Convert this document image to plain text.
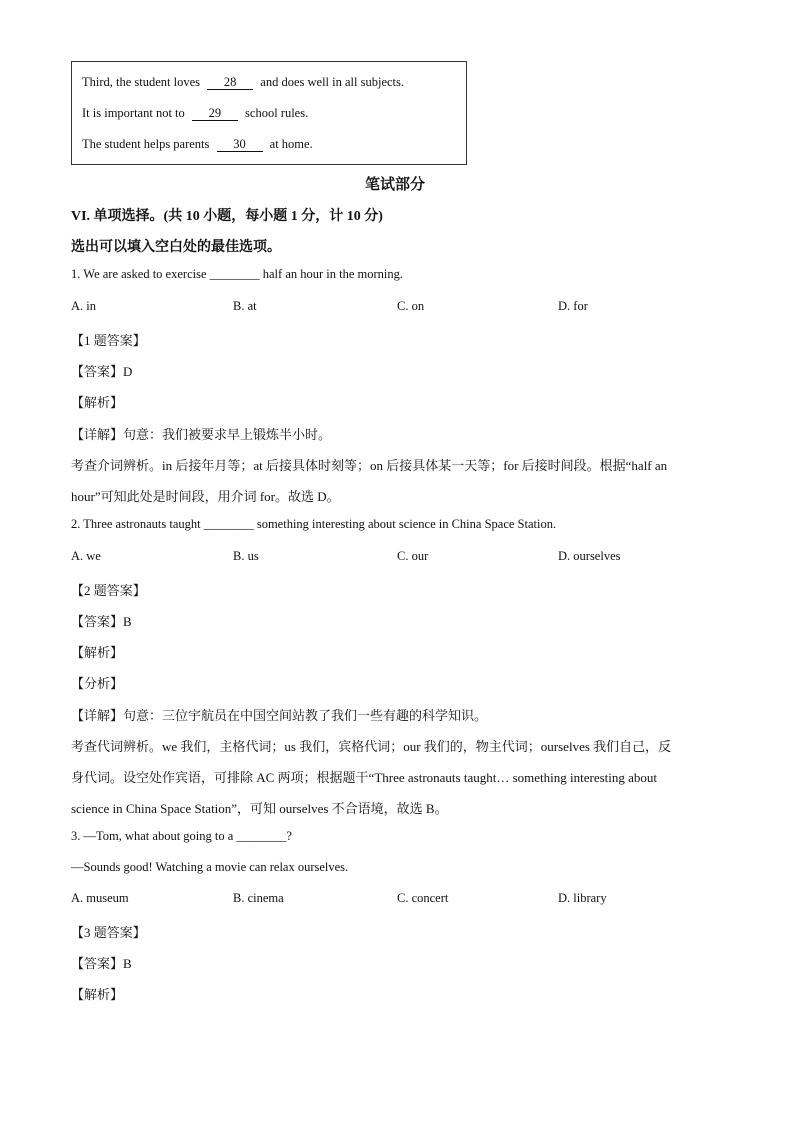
Third, the student loves 28 and does well in all subjects.
It is important not to 29 school rules.
The student helps parents 30 at home.
笔试部分
VI. 单项选择。(共 10 小题，每小题 1 分，计 10 分)
选出可以填入空白处的最佳选项。
1. We are asked to exercise ________ half an hour in the morning.
A. in	B. at	C. on	D. for
【1 题答案】
【答案】D
【解析】
【详解】句意：我们被要求早上锻炼半小时。
考查介词辨析。in 后接年月等；at 后接具体时刻等；on 后接具体某一天等；for 后接时间段。根据“half an
hour”可知此处是时间段，用介词 for。故选 D。
2. Three astronauts taught ________ something interesting about science in China Space Station.
A. we	B. us	C. our	D. ourselves
【2 题答案】
【答案】B
【解析】
【分析】
【详解】句意：三位宇航员在中国空间站教了我们一些有趣的科学知识。
考查代词辨析。we 我们，主格代词；us 我们，宾格代词；our 我们的，物主代词；ourselves 我们自己，反
身代词。设空处作宾语，可排除 AC 两项；根据题干“Three astronauts taught… something interesting about
science in China Space Station”，可知 ourselves 不合语境，故选 B。
3. —Tom, what about going to a ________?
—Sounds good! Watching a movie can relax ourselves.
A. museum	B. cinema	C. concert	D. library
【3 题答案】
【答案】B
【解析】
